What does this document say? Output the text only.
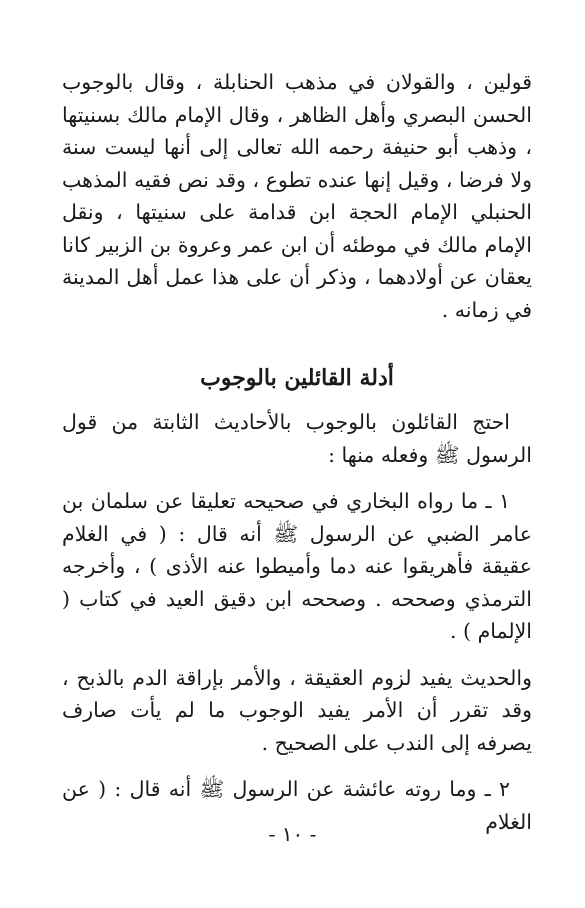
قولين ، والقولان في مذهب الحنابلة ، وقال بالوجوب الحسن البصري وأهل الظاهر ، وقال الإمام مالك بسنيتها ، وذهب أبو حنيفة رحمه الله تعالى إلى أنها ليست سنة ولا فرضا ، وقيل إنها عنده تطوع ، وقد نص فقيه المذهب الحنبلي الإمام الحجة ابن قدامة على سنيتها ، ونقل الإمام مالك في موطئه أن ابن عمر وعروة بن الزبير كانا يعقان عن أولادهما ، وذكر أن على هذا عمل أهل المدينة في زمانه .

أدلة القائلين بالوجوب

احتج القائلون بالوجوب بالأحاديث الثابتة من قول الرسول ﷺ وفعله منها :

١ ـ ما رواه البخاري في صحيحه تعليقا عن سلمان بن عامر الضبي عن الرسول ﷺ أنه قال : ( في الغلام عقيقة فأهريقوا عنه دما وأميطوا عنه الأذى ) ، وأخرجه الترمذي وصححه . وصححه ابن دقيق العيد في كتاب ( الإلمام ) .

والحديث يفيد لزوم العقيقة ، والأمر بإراقة الدم بالذبح ، وقد تقرر أن الأمر يفيد الوجوب ما لم يأت صارف يصرفه إلى الندب على الصحيح .

٢ ـ وما روته عائشة عن الرسول ﷺ أنه قال : ( عن الغلام

- ١٠ -
